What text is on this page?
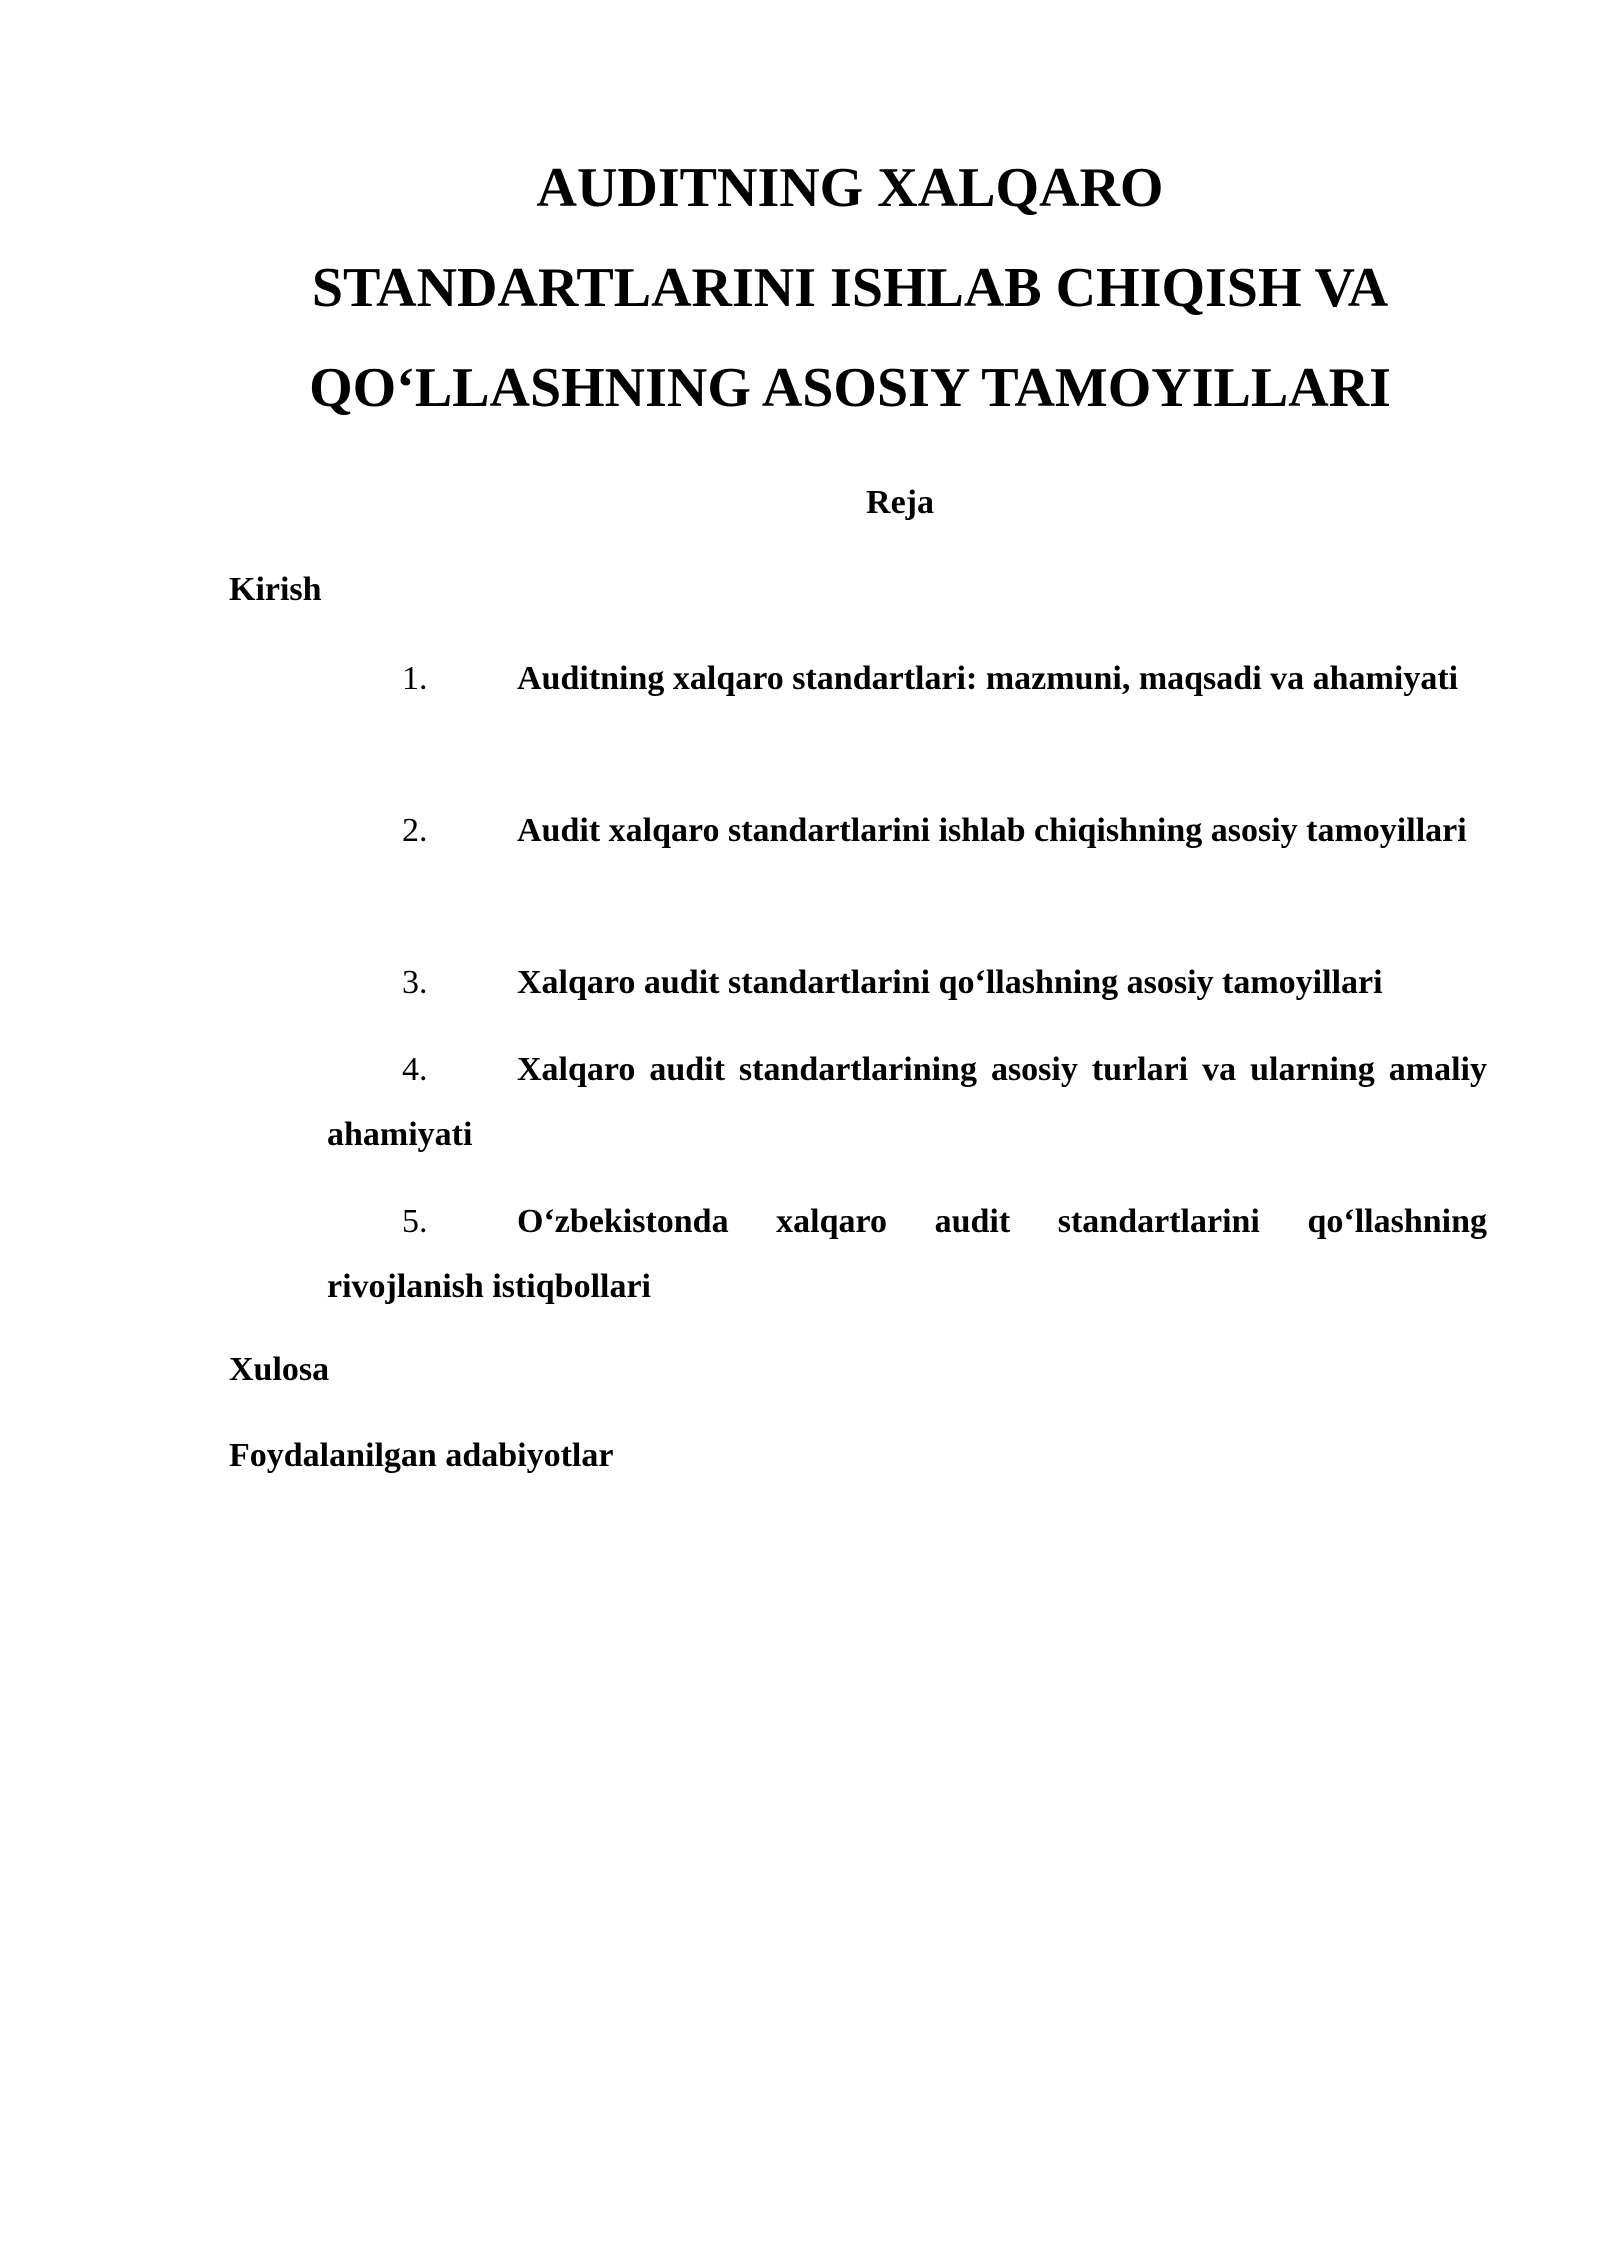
AUDITNING XALQARO
STANDARTLARINI ISHLAB CHIQISH VA
QO‘LLASHNING ASOSIY TAMOYILLARI

Reja

Kirish

1.	Auditning xalqaro standartlari: mazmuni, maqsadi va ahamiyati

2.	Audit xalqaro standartlarini ishlab chiqishning asosiy tamoyillari

3.	Xalqaro audit standartlarini qo‘llashning asosiy tamoyillari

4.	Xalqaro audit standartlarining asosiy turlari va ularning amaliy ahamiyati

5.	O‘zbekistonda xalqaro audit standartlarini qo‘llashning rivojlanish istiqbollari

Xulosa

Foydalanilgan adabiyotlar
